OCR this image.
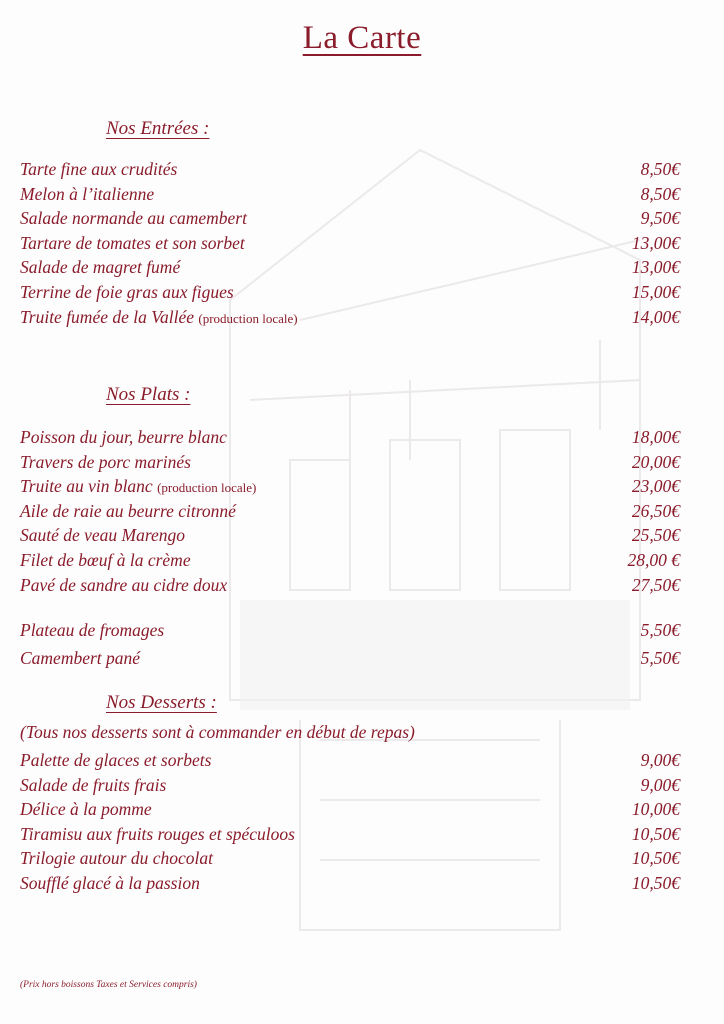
La Carte
Nos Entrées :
Tarte fine aux crudités	8,50€
Melon à l’italienne	8,50€
Salade normande au camembert	9,50€
Tartare de tomates et son sorbet	13,00€
Salade de magret fumé	13,00€
Terrine de foie gras aux figues	15,00€
Truite fumée de la Vallée (production locale)	14,00€
Nos Plats :
Poisson du jour, beurre blanc	18,00€
Travers de porc marinés	20,00€
Truite au vin blanc (production locale)	23,00€
Aile de raie au beurre citronné	26,50€
Sauté de veau Marengo	25,50€
Filet de bœuf à la crème	28,00 €
Pavé de sandre au cidre doux	27,50€
Plateau de fromages	5,50€
Camembert pané	5,50€
Nos Desserts :
(Tous nos desserts sont à commander en début de repas)
Palette de glaces et sorbets	9,00€
Salade de fruits frais	9,00€
Délice à la pomme	10,00€
Tiramisu aux fruits rouges et spéculoos	10,50€
Trilogie autour du chocolat	10,50€
Soufflé glacé à la passion	10,50€
(Prix hors boissons Taxes et Services compris)
